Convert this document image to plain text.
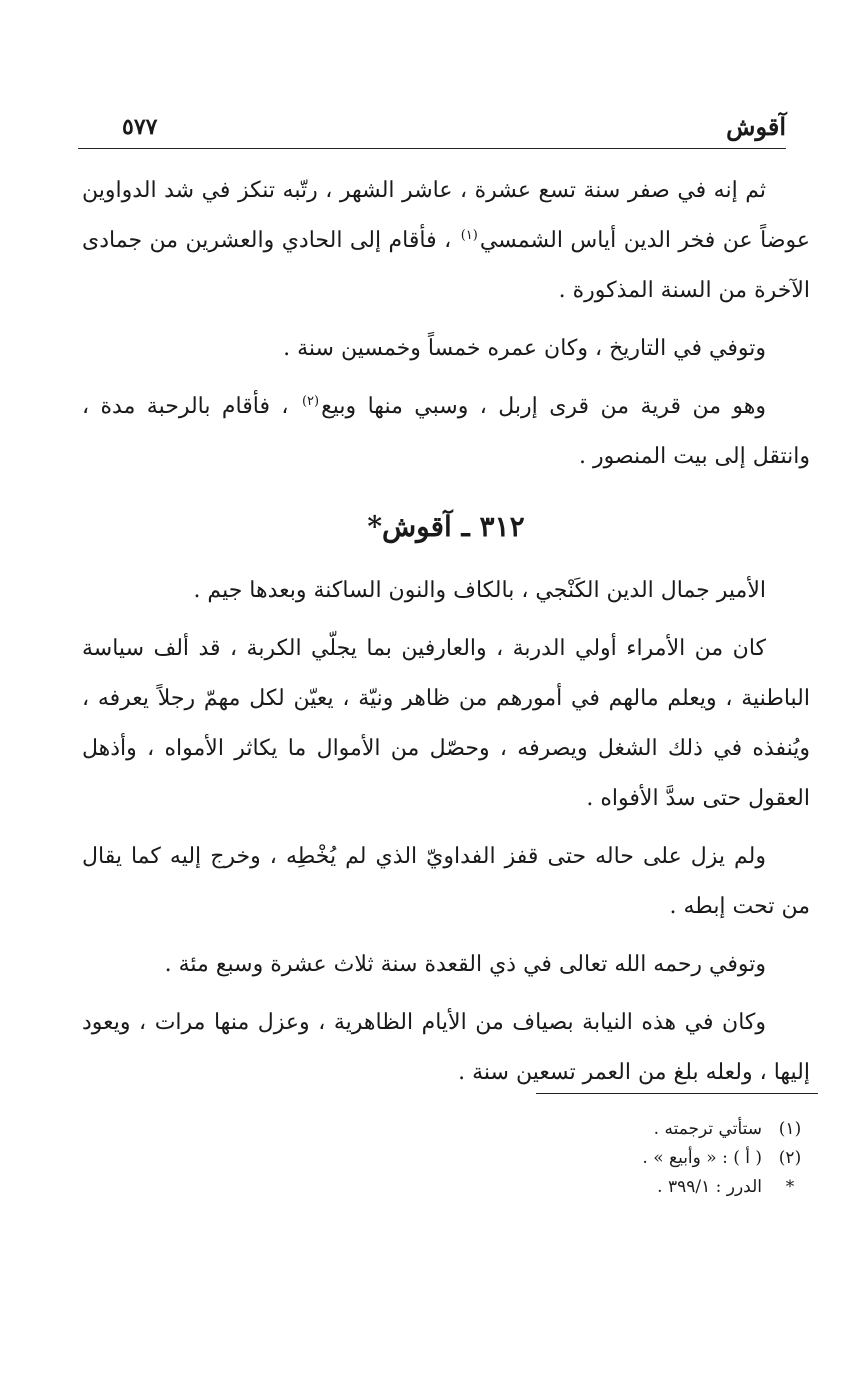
آقوش
٥٧٧

ثم إنه في صفر سنة تسع عشرة ، عاشر الشهر ، رتّبه تنكز في شد الدواوين عوضاً عن فخر الدين أياس الشمسي$^{(١)}$ ، فأقام إلى الحادي والعشرين من جمادى الآخرة من السنة المذكورة .

وتوفي في التاريخ ، وكان عمره خمساً وخمسين سنة .

وهو من قرية من قرى إربل ، وسبي منها وبيع$^{(٢)}$ ، فأقام بالرحبة مدة ، وانتقل إلى بيت المنصور .

٣١٢ ـ آقوش*

الأمير جمال الدين الكَنْجي ، بالكاف والنون الساكنة وبعدها جيم .

كان من الأمراء أولي الدربة ، والعارفين بما يجلّي الكربة ، قد ألف سياسة الباطنية ، ويعلم مالهم في أمورهم من ظاهر ونيّة ، يعيّن لكل مهمّ رجلاً يعرفه ، ويُنفذه في ذلك الشغل ويصرفه ، وحصّل من الأموال ما يكاثر الأمواه ، وأذهل العقول حتى سدَّ الأفواه .

ولم يزل على حاله حتى قفز الفداويّ الذي لم يُخْطِه ، وخرج إليه كما يقال من تحت إبطه .

وتوفي رحمه الله تعالى في ذي القعدة سنة ثلاث عشرة وسبع مئة .

وكان في هذه النيابة بصياف من الأيام الظاهرية ، وعزل منها مرات ، ويعود إليها ، ولعله بلغ من العمر تسعين سنة .

(١)
ستأتي ترجمته .
(٢)
( أ ) : « وأبيع » .
*
الدرر : ٣٩٩/١ .
